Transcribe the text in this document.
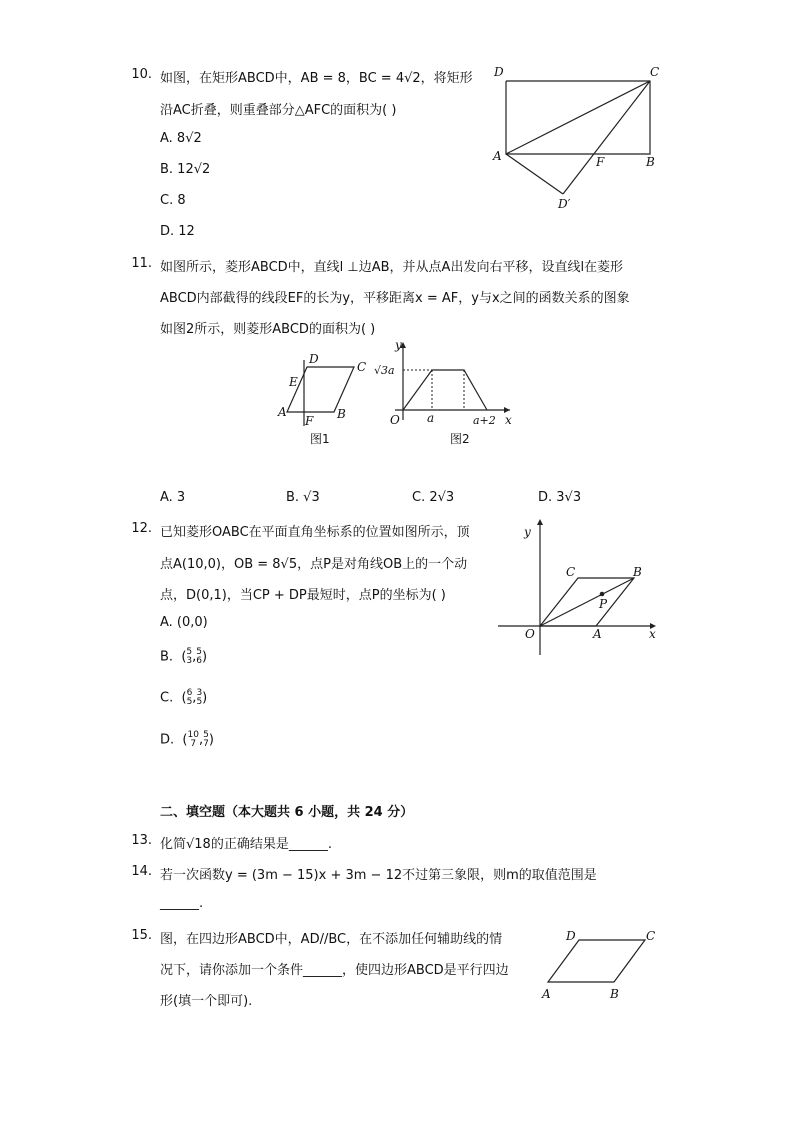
10. 如图，在矩形ABCD中，AB = 8，BC = 4√2，将矩形
沿AC折叠，则重叠部分△AFC的面积为( )
A. 8√2
B. 12√2
C. 8
D. 12
D	C
A	F	B
D′
11. 如图所示，菱形ABCD中，直线l ⊥边AB，并从点A出发向右平移，设直线l在菱形
ABCD内部截得的线段EF的长为y，平移距离x = AF，y与x之间的函数关系的图象
如图2所示，则菱形ABCD的面积为( )
D
C
E
A
F B
图1
y
√3a
O a	a+2 x
图2
A. 3	B. √3	C. 2√3	D. 3√3
12. 已知菱形OABC在平面直角坐标系的位置如图所示，顶
点A(10,0)，OB = 8√5，点P是对角线OB上的一个动
点，D(0,1)，当CP + DP最短时，点P的坐标为( )
A. (0,0)
B.  (5
3,5
6)
C.  (6
5,3
5)
D.  (10
7 ,5
7)
y
C	B
P
O	A	x
二、填空题（本大题共 6 小题，共 24 分）
13. 化简√18的正确结果是______.
14. 若一次函数y = (3m − 15)x + 3m − 12不过第三象限，则m的取值范围是
______.
15. 图，在四边形ABCD中，AD//BC，在不添加任何辅助线的情
况下，请你添加一个条件______，使四边形ABCD是平行四边
形(填一个即可).
D	C
A	B
